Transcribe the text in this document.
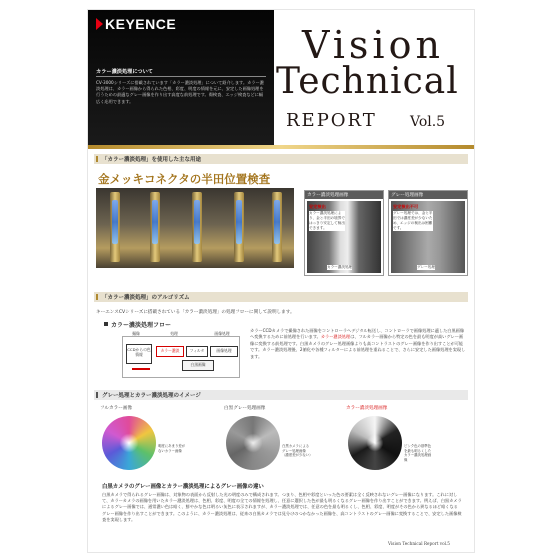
KEYENCE
カラー濃淡処理について
CV-3000シリーズに搭載されています「カラー濃淡処理」について紹介します。カラー濃淡処理は、カラー画像から得られた色相、彩度、明度の情報を元に、安定した画像処理を行うための最適なグレー画像を作り出す高度な前処理です。傷検査、エッジ検査などに幅広く応用できます。
Vision
Technical
REPORT Vol.5
「カラー濃淡処理」を使用した主な用途
金メッキコネクタの半田位置検査
カラー濃淡処理画像
安定検出
カラー濃淡処理により、金と半田の境界ではっきり安定して検出できます。
カラー濃淡処理
グレー処理画像
安定検出不可
グレー処理では、金と半田では濃度差が少ないため、エッジの検出は困難です。
グレー処理
「カラー濃淡処理」のアルゴリズム
キーエンスCVシリーズに搭載されている「カラー濃淡処理」の処理フローに関して説明します。
カラー濃淡処理フロー
撮像	処理	画像処理
CCDからの色情報
カラー濃淡	フィルタ	画像処理
白黒画像
カラーCCDカメラで撮像された画像をコントローラへデジタル転送し、コントローラで画像処理に適した白黒画像へ変換するために前処理を行います。カラー濃淡処理は、フルカラー画像から特定の色を最も明度が高いグレー画像に変換する前処理です。白黒カメラのグレー処理画像よりも高コントラストのグレー画像を作り出すことが可能です。カラー濃淡処理後、2値化や各種フィルターによる前処理を重ねることで、さらに安定した画像処理を実現します。
グレー処理とカラー濃淡処理のイメージ
フルカラー画像
明度にあまり差がないカラー画像
白黒グレー処理画像
白黒カメラによるグレー処理画像（濃度差が少ない）
カラー濃淡処理画像
ピンク色の基準色を最も明るくしたカラー濃淡処理画像
白黒カメラのグレー画像とカラー濃淡処理によるグレー画像の違い
白黒カメラで得られるグレー画像は、対象物の表面から反射した光の明度のみで構成されます。つまり、色相や彩度といった色の要素は全く反映されないグレー画像になります。これに対して、カラーカメラの画像を用いたカラー濃淡処理は、色相、彩度、明度の全ての情報を処理し、任意に選択した色が最も明るくなるグレー画像を作り出すことができます。例えば、白黒カメラによるグレー画像では、通常濃い色は暗く、鮮やかな色は明るい灰色に表示されますが、カラー濃淡処理では、任意の色を最も明るくし、色相、彩度、明度がその色から異なるほど暗くなるグレー画像を作り出すことができます。このように、カラー濃淡処理は、従来の白黒カメラでは見分けのつかなかった画像を、高コントラストのグレー画像に変換することで、安定した画像検査を実現します。
Vision Technical Report vol.5
